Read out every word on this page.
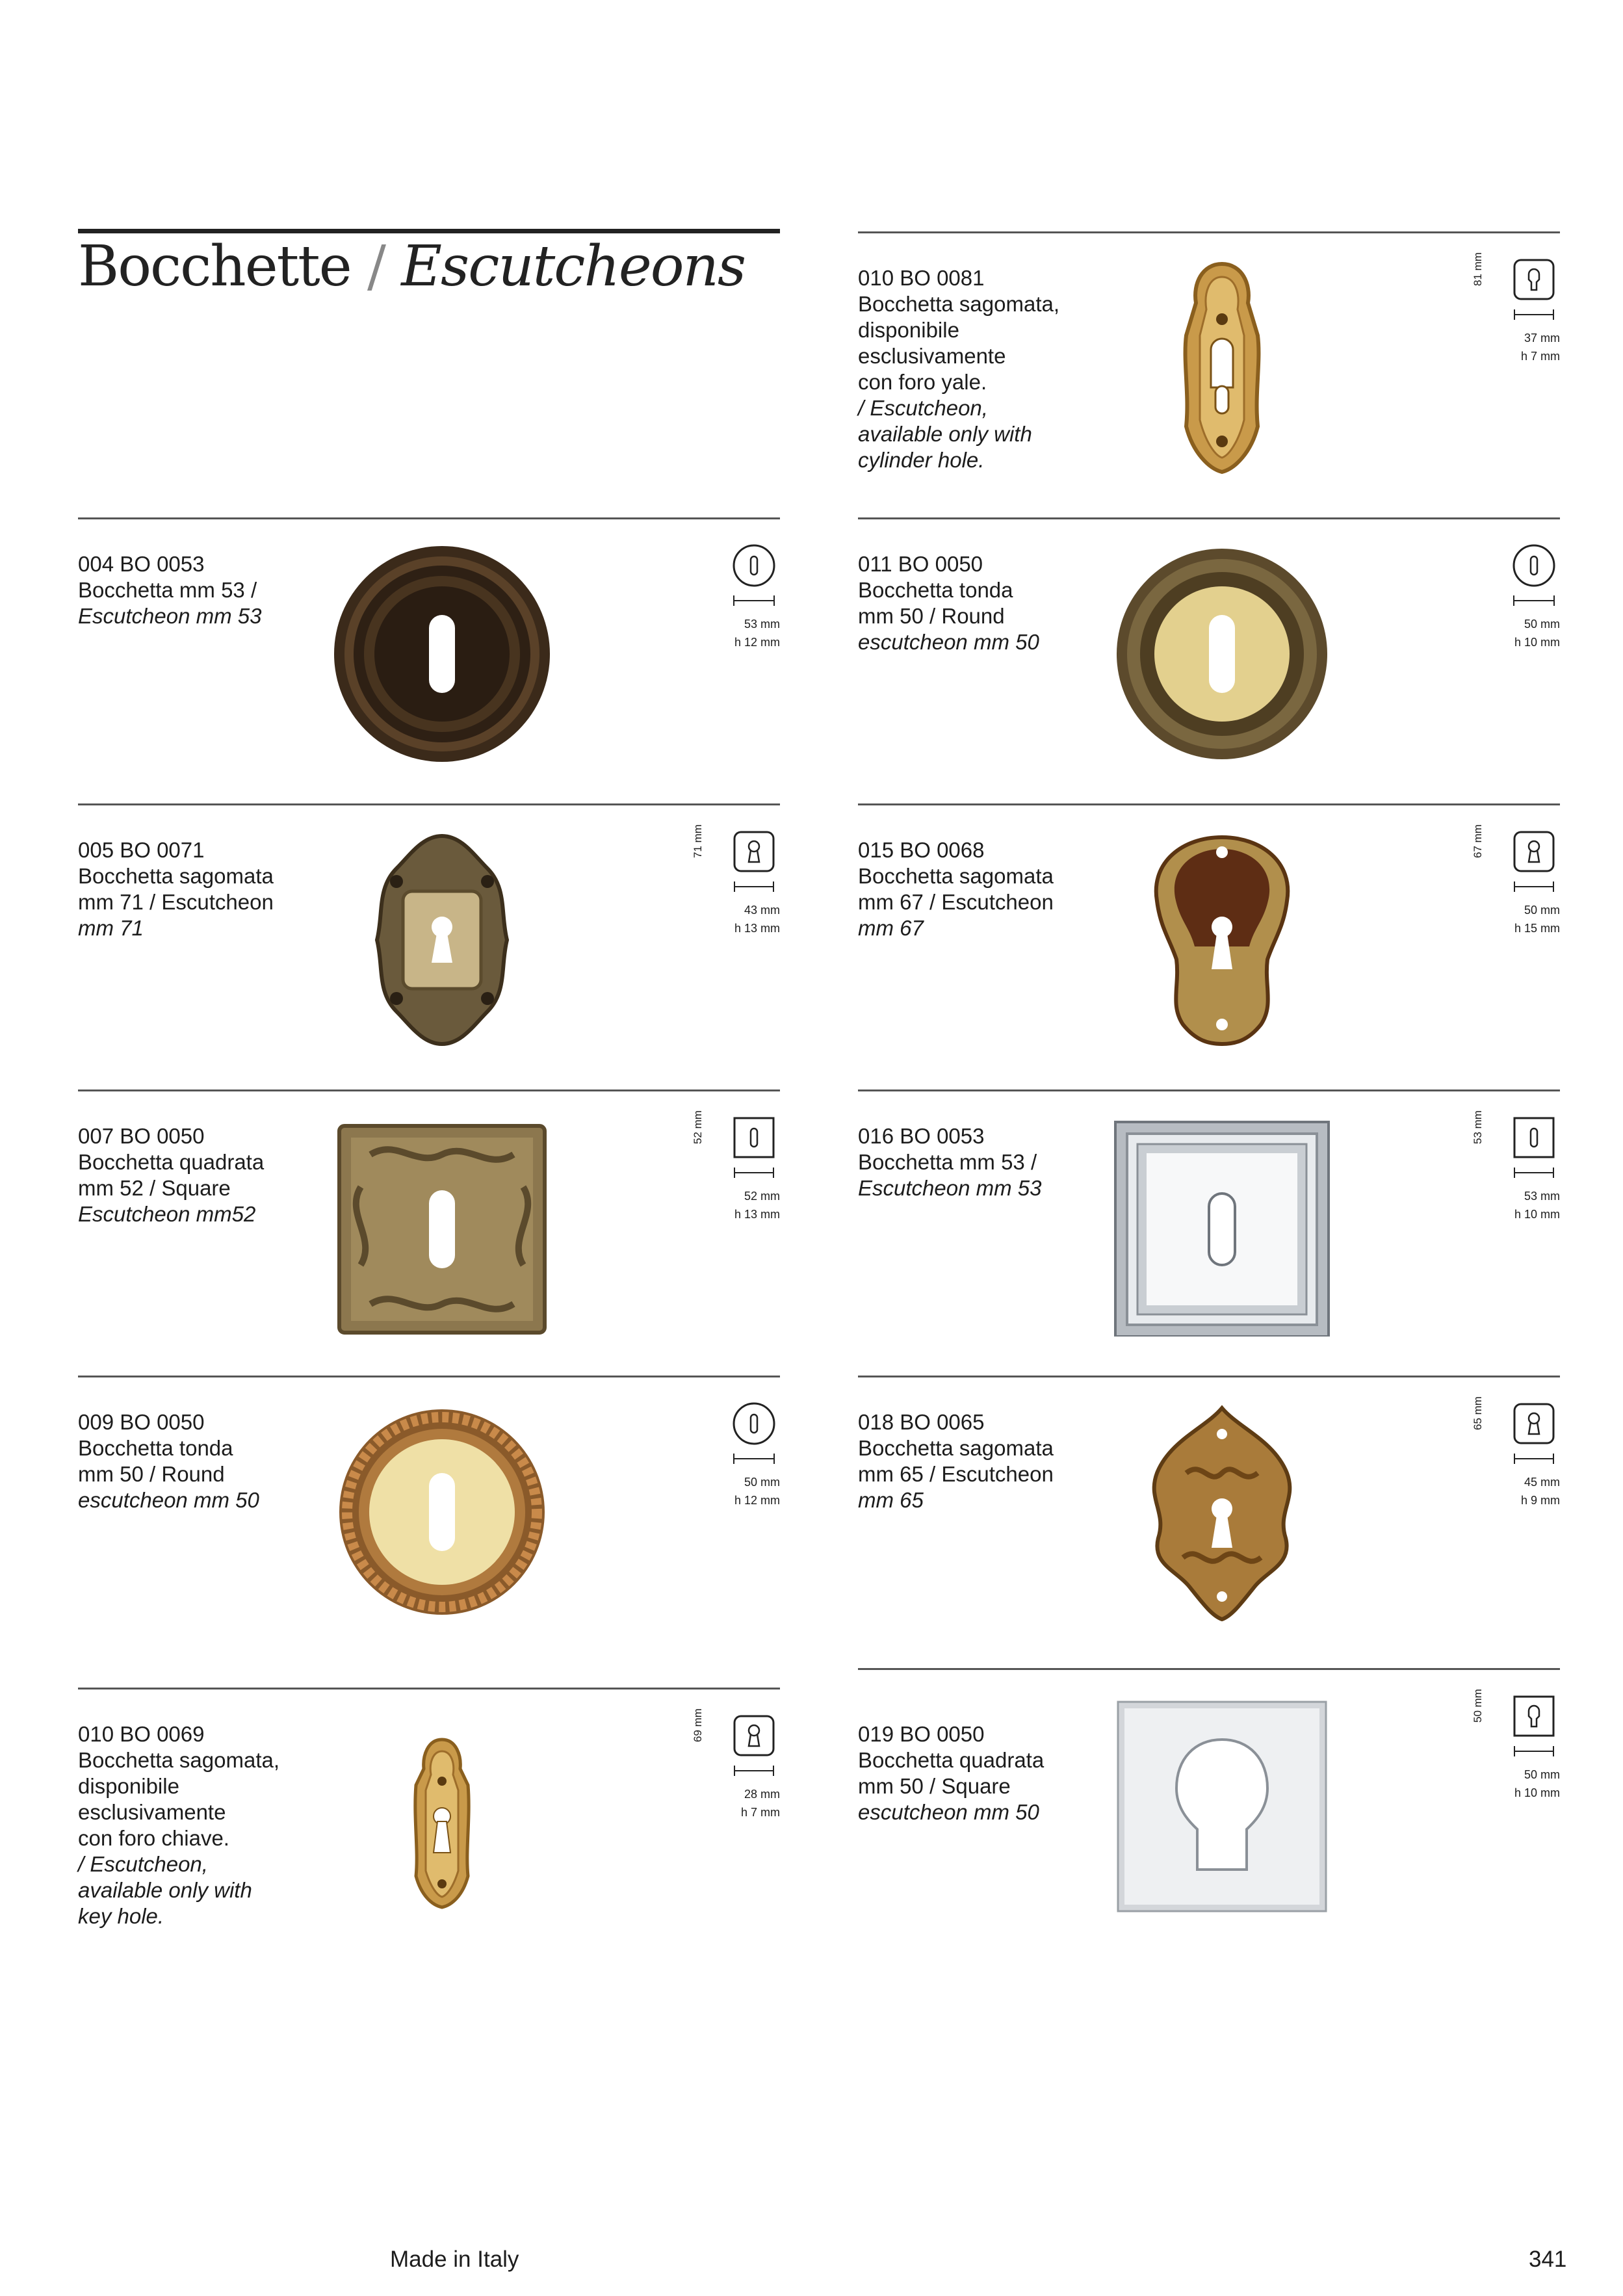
Bocchette / Escutcheons	010 BO 0081
Bocchetta sagomata,
disponibile
esclusivamente
con foro yale.
/ Escutcheon,
available only with
cylinder hole.
81 mm
37 mm
h 7 mm
004 BO 0053
Bocchetta mm 53 /
Escutcheon mm 53	53 mm
h 12 mm
011 BO 0050
Bocchetta tonda
mm 50 / Round
escutcheon mm 50
50 mm
h 10 mm
005 BO 0071
Bocchetta sagomata
mm 71 / Escutcheon
mm 71
71 mm
43 mm
h 13 mm
015 BO 0068
Bocchetta sagomata
mm 67 / Escutcheon
mm 67
67 mm
50 mm
h 15 mm
007 BO 0050
Bocchetta quadrata
mm 52 / Square
Escutcheon mm52
52 mm
52 mm
h 13 mm
016 BO 0053
Bocchetta mm 53 /
Escutcheon mm 53
53 mm
53 mm
h 10 mm
009 BO 0050
Bocchetta tonda
mm 50 / Round
escutcheon mm 50
50 mm
h 12 mm
018 BO 0065
Bocchetta sagomata
mm 65 / Escutcheon
mm 65
65 mm
45 mm
h 9 mm
010 BO 0069
Bocchetta sagomata,
disponibile
esclusivamente
con foro chiave.
/ Escutcheon,
available only with
key hole.
69 mm
28 mm
h 7 mm
019 BO 0050
Bocchetta quadrata
mm 50 / Square
escutcheon mm 50
50 mm
50 mm
h 10 mm
Made in Italy	341
